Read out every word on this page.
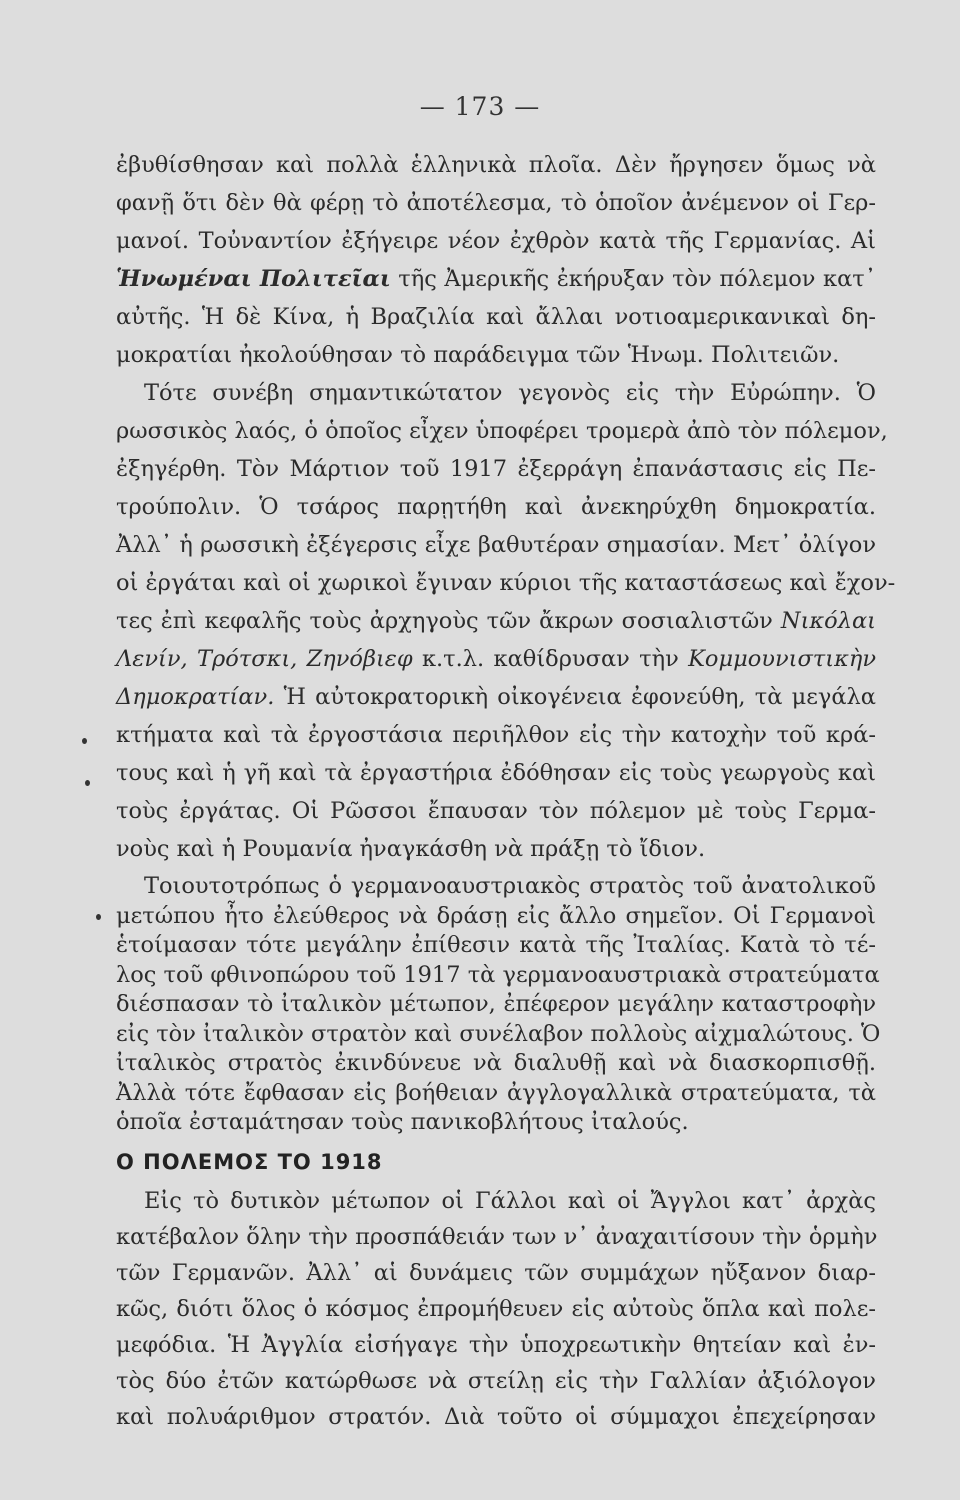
— 173 —
ἐβυθίσθησαν καὶ πολλὰ ἑλληνικὰ πλοῖα. Δὲν ἤργησεν ὅμως νὰ
φανῇ ὅτι δὲν θὰ φέρῃ τὸ ἀποτέλεσμα, τὸ ὁποῖον ἀνέμενον οἱ Γερ-
μανοί. Τοὐναντίον ἐξήγειρε νέον ἐχθρὸν κατὰ τῆς Γερμανίας. Αἱ
Ἡνωμέναι Πολιτεῖαι τῆς Ἀμερικῆς ἐκήρυξαν τὸν πόλεμον κατ᾽
αὐτῆς. Ἡ δὲ Κίνα, ἡ Βραζιλία καὶ ἄλλαι νοτιοαμερικανικαὶ δη-
μοκρατίαι ἠκολούθησαν τὸ παράδειγμα τῶν Ἡνωμ. Πολιτειῶν.
Τότε συνέβη σημαντικώτατον γεγονὸς εἰς τὴν Εὐρώπην. Ὁ
ρωσσικὸς λαός, ὁ ὁποῖος εἶχεν ὑποφέρει τρομερὰ ἀπὸ τὸν πόλεμον,
ἐξηγέρθη. Τὸν Μάρτιον τοῦ 1917 ἐξερράγη ἐπανάστασις εἰς Πε-
τρούπολιν. Ὁ τσάρος παρῃτήθη καὶ ἀνεκηρύχθη δημοκρατία.
Ἀλλ᾽ ἡ ρωσσικὴ ἐξέγερσις εἶχε βαθυτέραν σημασίαν. Μετ᾽ ὀλίγον
οἱ ἐργάται καὶ οἱ χωρικοὶ ἔγιναν κύριοι τῆς καταστάσεως καὶ ἔχον-
τες ἐπὶ κεφαλῆς τοὺς ἀρχηγοὺς τῶν ἄκρων σοσιαλιστῶν Νικόλαι
Λενίν, Τρότσκι, Ζηνόβιεφ κ.τ.λ. καθίδρυσαν τὴν Κομμουνιστικὴν
Δημοκρατίαν. Ἡ αὐτοκρατορικὴ οἰκογένεια ἐφονεύθη, τὰ μεγάλα
κτήματα καὶ τὰ ἐργοστάσια περιῆλθον εἰς τὴν κατοχὴν τοῦ κρά-
τους καὶ ἡ γῆ καὶ τὰ ἐργαστήρια ἐδόθησαν εἰς τοὺς γεωργοὺς καὶ
τοὺς ἐργάτας. Οἱ Ρῶσσοι ἔπαυσαν τὸν πόλεμον μὲ τοὺς Γερμα-
νοὺς καὶ ἡ Ρουμανία ἠναγκάσθη νὰ πράξῃ τὸ ἴδιον.
Τοιουτοτρόπως ὁ γερμανοαυστριακὸς στρατὸς τοῦ ἀνατολικοῦ
μετώπου ἦτο ἐλεύθερος νὰ δράσῃ εἰς ἄλλο σημεῖον. Οἱ Γερμανοὶ
ἑτοίμασαν τότε μεγάλην ἐπίθεσιν κατὰ τῆς Ἰταλίας. Κατὰ τὸ τέ-
λος τοῦ φθινοπώρου τοῦ 1917 τὰ γερμανοαυστριακὰ στρατεύματα
διέσπασαν τὸ ἰταλικὸν μέτωπον, ἐπέφερον μεγάλην καταστροφὴν
εἰς τὸν ἰταλικὸν στρατὸν καὶ συνέλαβον πολλοὺς αἰχμαλώτους. Ὁ
ἰταλικὸς στρατὸς ἐκινδύνευε νὰ διαλυθῇ καὶ νὰ διασκορπισθῇ.
Ο ΠΟΛΕΜΟΣ ΤΟ 1918
Εἰς τὸ δυτικὸν μέτωπον οἱ Γάλλοι καὶ οἱ Ἄγγλοι κατ᾽ ἀρχὰς
κατέβαλον ὅλην τὴν προσπάθειάν των ν᾽ ἀναχαιτίσουν τὴν ὁρμὴν
τῶν Γερμανῶν. Ἀλλ᾽ αἱ δυνάμεις τῶν συμμάχων ηὔξανον διαρ-
κῶς, διότι ὅλος ὁ κόσμος ἐπρομήθευεν εἰς αὐτοὺς ὅπλα καὶ πολε-
μεφόδια. Ἡ Ἀγγλία εἰσήγαγε τὴν ὑποχρεωτικὴν θητείαν καὶ ἐν-
τὸς δύο ἐτῶν κατώρθωσε νὰ στείλῃ εἰς τὴν Γαλλίαν ἀξιόλογον
καὶ πολυάριθμον στρατόν. Διὰ τοῦτο οἱ σύμμαχοι ἐπεχείρησαν
Ἀλλὰ τότε ἔφθασαν εἰς βοήθειαν ἀγγλογαλλικὰ στρατεύματα, τὰ
ὁποῖα ἐσταμάτησαν τοὺς πανικοβλήτους ἰταλούς.
